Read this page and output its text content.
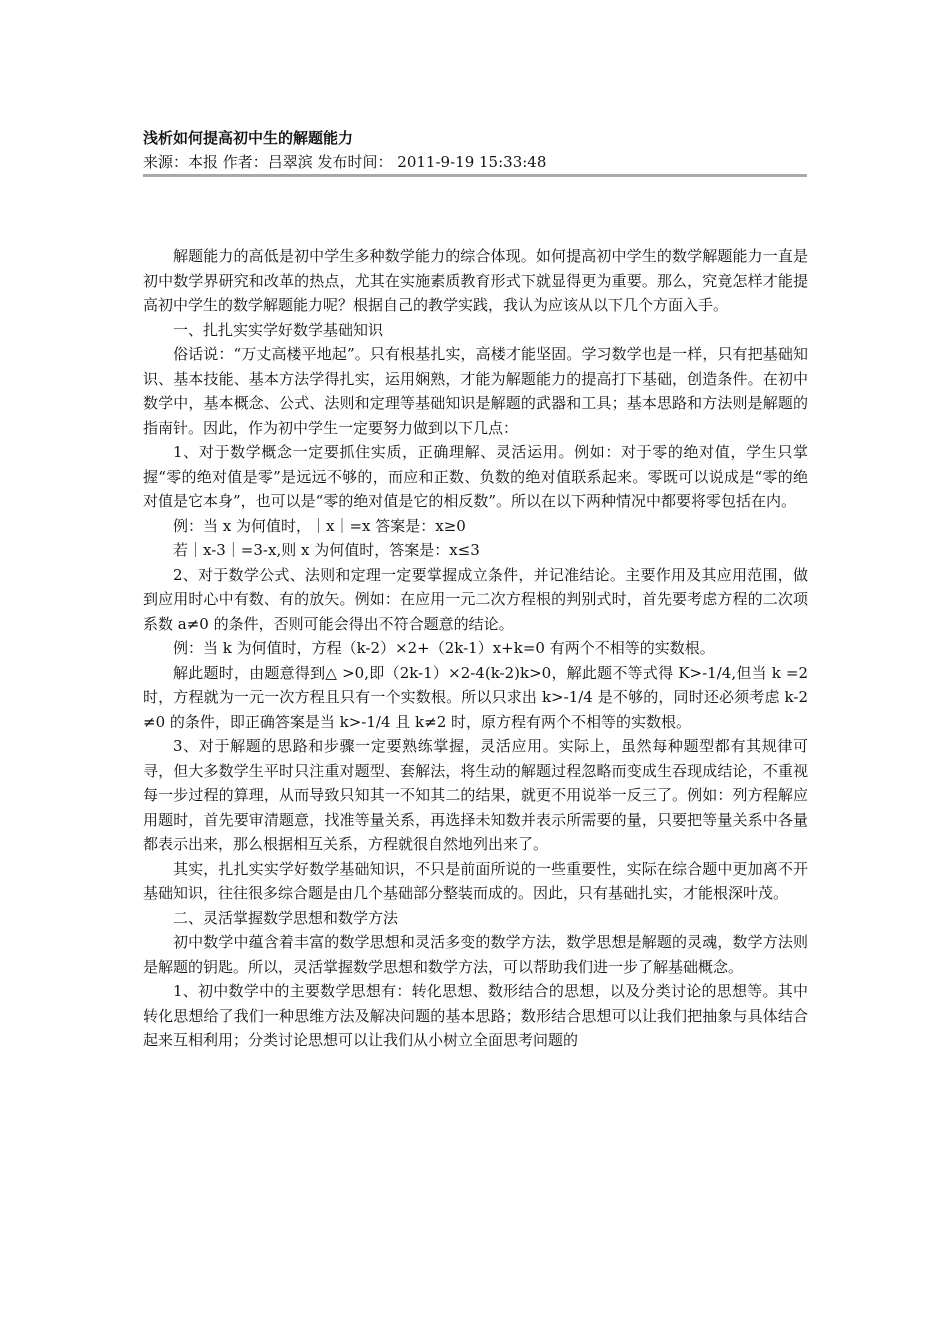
浅析如何提高初中生的解题能力
来源：本报 作者：吕翠滨 发布时间： 2011-9-19 15:33:48

解题能力的高低是初中学生多种数学能力的综合体现。如何提高初中学生的数学解题能力一直是初中数学界研究和改革的热点，尤其在实施素质教育形式下就显得更为重要。那么，究竟怎样才能提高初中学生的数学解题能力呢？根据自己的教学实践，我认为应该从以下几个方面入手。

一、扎扎实实学好数学基础知识

俗话说：“万丈高楼平地起”。只有根基扎实，高楼才能坚固。学习数学也是一样，只有把基础知识、基本技能、基本方法学得扎实，运用娴熟，才能为解题能力的提高打下基础，创造条件。在初中数学中，基本概念、公式、法则和定理等基础知识是解题的武器和工具；基本思路和方法则是解题的指南针。因此，作为初中学生一定要努力做到以下几点：

1、对于数学概念一定要抓住实质，正确理解、灵活运用。例如：对于零的绝对值，学生只掌握“零的绝对值是零”是远远不够的，而应和正数、负数的绝对值联系起来。零既可以说成是“零的绝对值是它本身”，也可以是“零的绝对值是它的相反数”。所以在以下两种情况中都要将零包括在内。

例：当 x 为何值时，｜x｜=x 答案是：x≥0

若｜x-3｜=3-x,则 x 为何值时，答案是：x≤3

2、对于数学公式、法则和定理一定要掌握成立条件，并记准结论。主要作用及其应用范围，做到应用时心中有数、有的放矢。例如：在应用一元二次方程根的判别式时，首先要考虑方程的二次项系数 a≠0 的条件，否则可能会得出不符合题意的结论。

例：当 k 为何值时，方程（k-2）×2+（2k-1）x+k=0 有两个不相等的实数根。

解此题时，由题意得到△ >0,即（2k-1）×2-4(k-2)k>0，解此题不等式得 K>-1/4,但当 k =2 时，方程就为一元一次方程且只有一个实数根。所以只求出 k>-1/4 是不够的，同时还必须考虑 k-2≠0 的条件，即正确答案是当 k>-1/4 且 k≠2 时，原方程有两个不相等的实数根。

3、对于解题的思路和步骤一定要熟练掌握，灵活应用。实际上，虽然每种题型都有其规律可寻，但大多数学生平时只注重对题型、套解法，将生动的解题过程忽略而变成生吞现成结论，不重视每一步过程的算理，从而导致只知其一不知其二的结果，就更不用说举一反三了。例如：列方程解应用题时，首先要审清题意，找准等量关系，再选择未知数并表示所需要的量，只要把等量关系中各量都表示出来，那么根据相互关系，方程就很自然地列出来了。

其实，扎扎实实学好数学基础知识，不只是前面所说的一些重要性，实际在综合题中更加离不开基础知识，往往很多综合题是由几个基础部分整装而成的。因此，只有基础扎实，才能根深叶茂。

二、灵活掌握数学思想和数学方法

初中数学中蕴含着丰富的数学思想和灵活多变的数学方法，数学思想是解题的灵魂，数学方法则是解题的钥匙。所以，灵活掌握数学思想和数学方法，可以帮助我们进一步了解基础概念。

1、初中数学中的主要数学思想有：转化思想、数形结合的思想，以及分类讨论的思想等。其中转化思想给了我们一种思维方法及解决问题的基本思路；数形结合思想可以让我们把抽象与具体结合起来互相利用；分类讨论思想可以让我们从小树立全面思考问题的
